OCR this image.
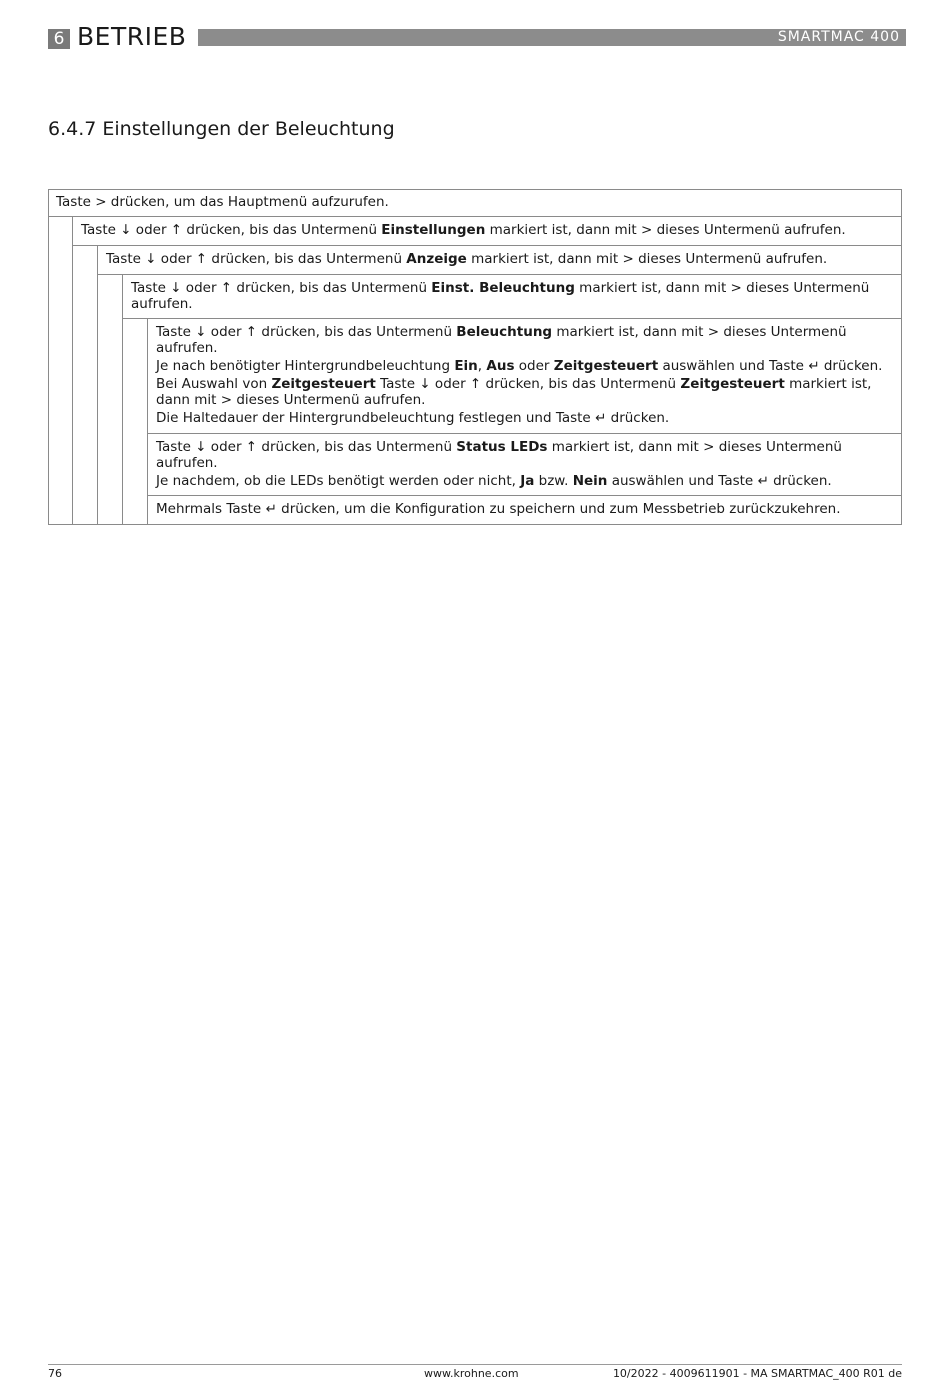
6 BETRIEB	SMARTMAC 400
6.4.7 Einstellungen der Beleuchtung

Taste > drücken, um das Hauptmenü aufzurufen.

Taste ↓ oder ↑ drücken, bis das Untermenü Einstellungen markiert ist, dann mit > dieses Untermenü aufrufen.

Taste ↓ oder ↑ drücken, bis das Untermenü Anzeige markiert ist, dann mit > dieses Untermenü aufrufen.

Taste ↓ oder ↑ drücken, bis das Untermenü Einst. Beleuchtung markiert ist, dann mit > dieses Untermenü aufrufen.

Taste ↓ oder ↑ drücken, bis das Untermenü Beleuchtung markiert ist, dann mit > dieses Untermenü aufrufen.

Je nach benötigter Hintergrundbeleuchtung Ein, Aus oder Zeitgesteuert auswählen und Taste ↵ drücken.

Bei Auswahl von Zeitgesteuert Taste ↓ oder ↑ drücken, bis das Untermenü Zeitgesteuert markiert ist, dann mit > dieses Untermenü aufrufen.

Die Haltedauer der Hintergrundbeleuchtung festlegen und Taste ↵ drücken.

Taste ↓ oder ↑ drücken, bis das Untermenü Status LEDs markiert ist, dann mit > dieses Untermenü aufrufen.

Je nachdem, ob die LEDs benötigt werden oder nicht, Ja bzw. Nein auswählen und Taste ↵ drücken.

Mehrmals Taste ↵ drücken, um die Konfiguration zu speichern und zum Messbetrieb zurückzukehren.

76	www.krohne.com	10/2022 - 4009611901 - MA SMARTMAC_400 R01 de
